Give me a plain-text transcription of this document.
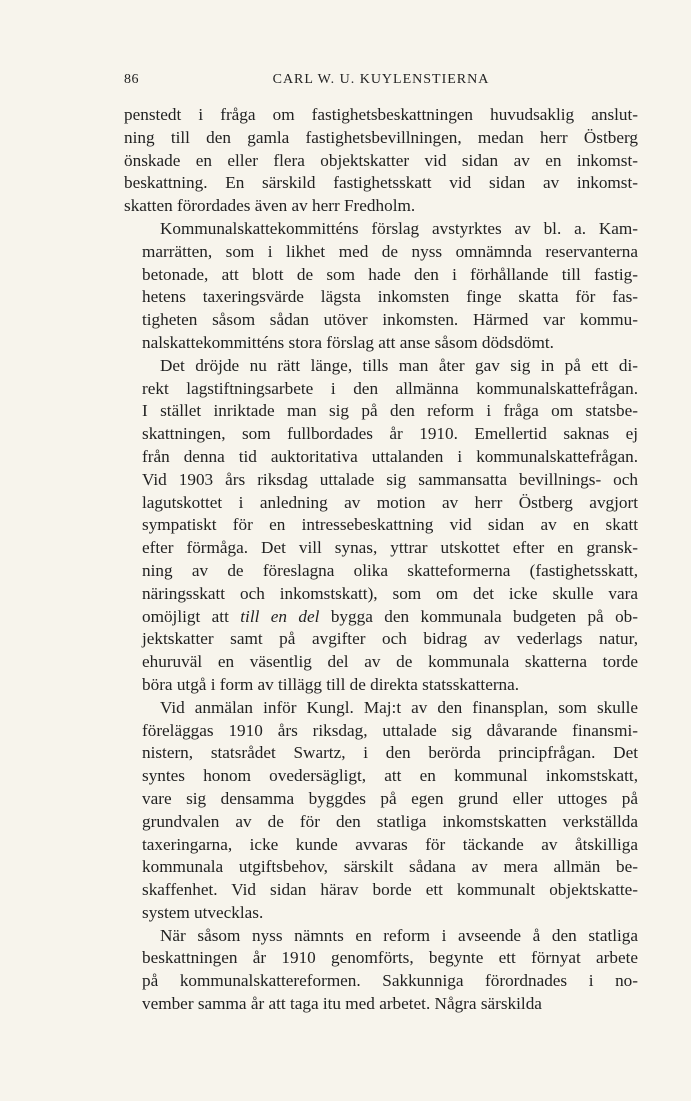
86	CARL W. U. KUYLENSTIERNA

penstedt i fråga om fastighetsbeskattningen huvudsaklig anslut-
ning till den gamla fastighetsbevillningen, medan herr Östberg
önskade en eller flera objektskatter vid sidan av en inkomst-
beskattning. En särskild fastighetsskatt vid sidan av inkomst-
skatten förordades även av herr Fredholm.

Kommunalskattekommitténs förslag avstyrktes av bl. a. Kam-
marrätten, som i likhet med de nyss omnämnda reservanterna
betonade, att blott de som hade den i förhållande till fastig-
hetens taxeringsvärde lägsta inkomsten finge skatta för fas-
tigheten såsom sådan utöver inkomsten. Härmed var kommu-
nalskattekommitténs stora förslag att anse såsom dödsdömt.

Det dröjde nu rätt länge, tills man åter gav sig in på ett di-
rekt lagstiftningsarbete i den allmänna kommunalskattefrågan.
I stället inriktade man sig på den reform i fråga om statsbe-
skattningen, som fullbordades år 1910. Emellertid saknas ej
från denna tid auktoritativa uttalanden i kommunalskattefrågan.
Vid 1903 års riksdag uttalade sig sammansatta bevillnings- och
lagutskottet i anledning av motion av herr Östberg avgjort
sympatiskt för en intressebeskattning vid sidan av en skatt
efter förmåga. Det vill synas, yttrar utskottet efter en gransk-
ning av de föreslagna olika skatteformerna (fastighetsskatt,
näringsskatt och inkomstskatt), som om det icke skulle vara
omöjligt att till en del bygga den kommunala budgeten på ob-
jektskatter samt på avgifter och bidrag av vederlags natur,
ehuruväl en väsentlig del av de kommunala skatterna torde
böra utgå i form av tillägg till de direkta statsskatterna.

Vid anmälan inför Kungl. Maj:t av den finansplan, som skulle
föreläggas 1910 års riksdag, uttalade sig dåvarande finansmi-
nistern, statsrådet Swartz, i den berörda principfrågan. Det
syntes honom ovedersägligt, att en kommunal inkomstskatt,
vare sig densamma byggdes på egen grund eller uttoges på
grundvalen av de för den statliga inkomstskatten verkställda
taxeringarna, icke kunde avvaras för täckande av åtskilliga
kommunala utgiftsbehov, särskilt sådana av mera allmän be-
skaffenhet. Vid sidan härav borde ett kommunalt objektskatte-
system utvecklas.

När såsom nyss nämnts en reform i avseende å den statliga
beskattningen år 1910 genomförts, begynte ett förnyat arbete
på kommunalskattereformen. Sakkunniga förordnades i no-
vember samma år att taga itu med arbetet. Några särskilda
